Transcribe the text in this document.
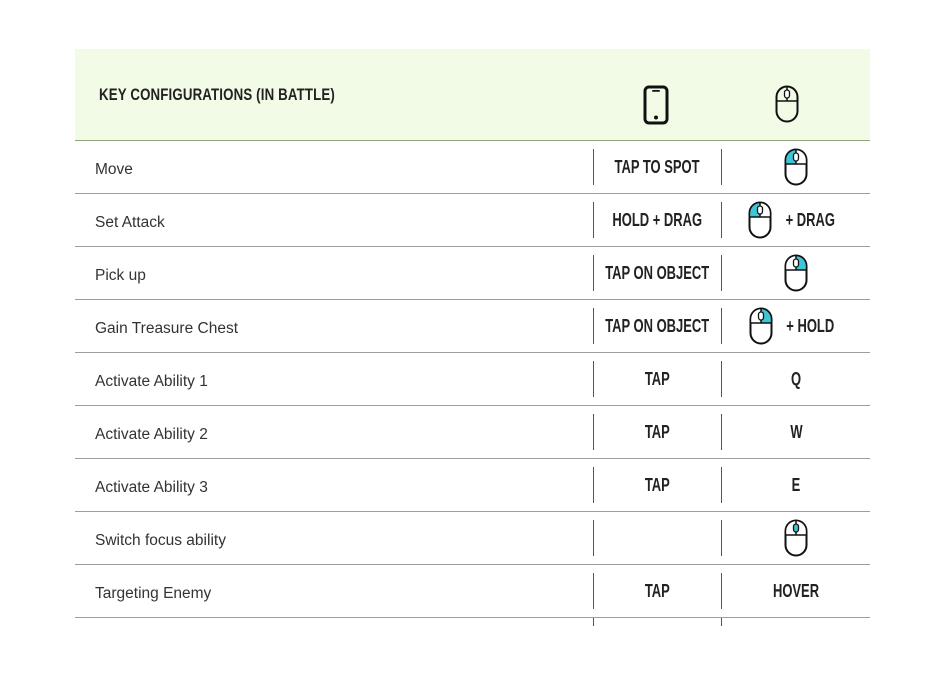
KEY CONFIGURATIONS (IN BATTLE)
Move	TAP TO SPOT
Set Attack	HOLD + DRAG	+ DRAG
Pick up	TAP ON OBJECT
Gain Treasure Chest	TAP ON OBJECT	+ HOLD
Activate Ability 1	TAP	Q
Activate Ability 2	TAP	W
Activate Ability 3	TAP	E
Switch focus ability
Targeting Enemy	TAP	HOVER
